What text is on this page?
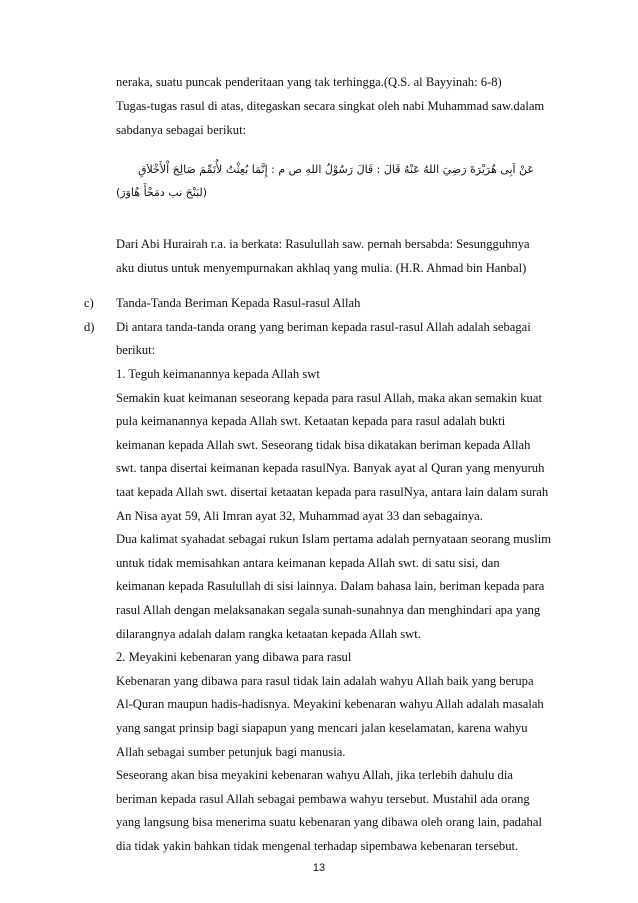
neraka, suatu puncak penderitaan yang tak terhingga.(Q.S. al Bayyinah: 6-8)
Tugas-tugas rasul di atas, ditegaskan secara singkat oleh nabi Muhammad saw.dalam
sabdanya sebagai berikut:
عَنْ اَبِى هُرَيْرَةَ رَضِيَ اللهُ عَنْهُ قَالَ : قَالَ رَسُوْلُ اللهِ ص م : إِنَّمَا بُعِثْتُ لأُتَمِّمَ صَالِحَ اْلأَخْلاَقِ
(رَوَاهُ أَحْمَد بن حَنْبَل)
Dari Abi Hurairah r.a. ia berkata: Rasulullah saw. pernah bersabda: Sesungguhnya
aku diutus untuk menyempurnakan akhlaq yang mulia. (H.R. Ahmad bin Hanbal)
c) Tanda-Tanda Beriman Kepada Rasul-rasul Allah
d) Di antara tanda-tanda orang yang beriman kepada rasul-rasul Allah adalah sebagai
berikut:
1. Teguh keimanannya kepada Allah swt
Semakin kuat keimanan seseorang kepada para rasul Allah, maka akan semakin kuat
pula keimanannya kepada Allah swt. Ketaatan kepada para rasul adalah bukti
keimanan kepada Allah swt. Seseorang tidak bisa dikatakan beriman kepada Allah
swt. tanpa disertai keimanan kepada rasulNya. Banyak ayat al Quran yang menyuruh
taat kepada Allah swt. disertai ketaatan kepada para rasulNya, antara lain dalam surah
An Nisa ayat 59, Ali Imran ayat 32, Muhammad ayat 33 dan sebagainya.
Dua kalimat syahadat sebagai rukun Islam pertama adalah pernyataan seorang muslim
untuk tidak memisahkan antara keimanan kepada Allah swt. di satu sisi, dan
keimanan kepada Rasulullah di sisi lainnya. Dalam bahasa lain, beriman kepada para
rasul Allah dengan melaksanakan segala sunah-sunahnya dan menghindari apa yang
dilarangnya adalah dalam rangka ketaatan kepada Allah swt.
2. Meyakini kebenaran yang dibawa para rasul
Kebenaran yang dibawa para rasul tidak lain adalah wahyu Allah baik yang berupa
Al-Quran maupun hadis-hadisnya. Meyakini kebenaran wahyu Allah adalah masalah
yang sangat prinsip bagi siapapun yang mencari jalan keselamatan, karena wahyu
Allah sebagai sumber petunjuk bagi manusia.
Seseorang akan bisa meyakini kebenaran wahyu Allah, jika terlebih dahulu dia
beriman kepada rasul Allah sebagai pembawa wahyu tersebut. Mustahil ada orang
yang langsung bisa menerima suatu kebenaran yang dibawa oleh orang lain, padahal
dia tidak yakin bahkan tidak mengenal terhadap sipembawa kebenaran tersebut.
13
